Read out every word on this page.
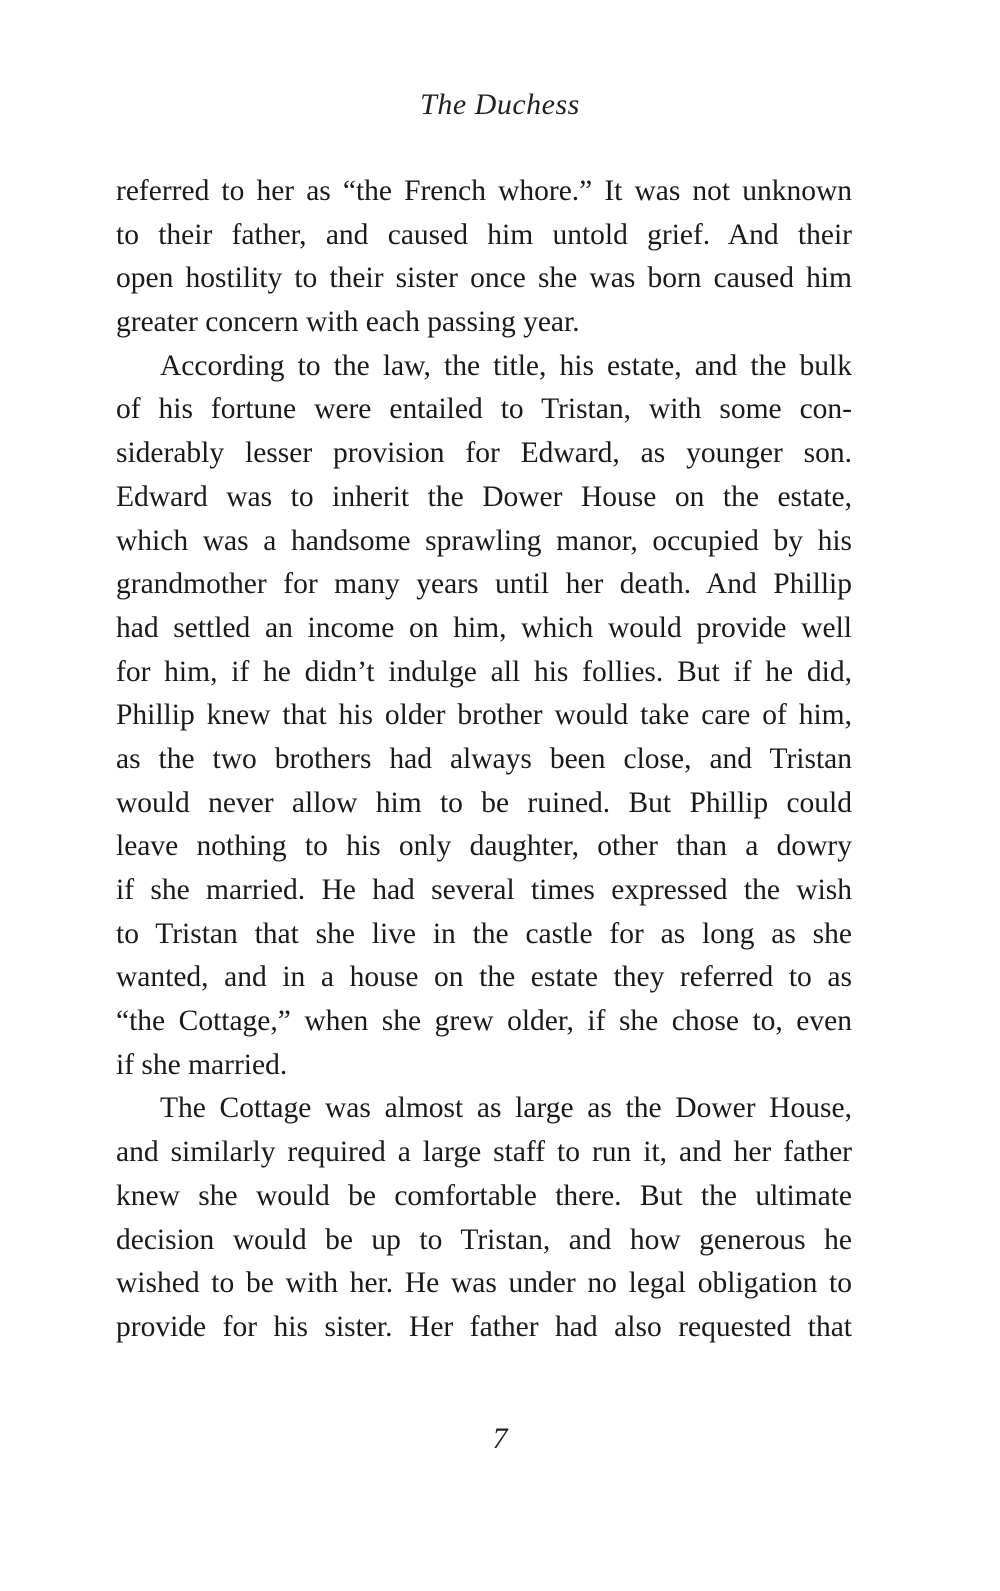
The Duchess
referred to her as “the French whore.” It was not unknown
to their father, and caused him untold grief. And their
open hostility to their sister once she was born caused him
greater concern with each passing year.
According to the law, the title, his estate, and the bulk
of his fortune were entailed to Tristan, with some con-
siderably lesser provision for Edward, as younger son.
Edward was to inherit the Dower House on the estate,
which was a handsome sprawling manor, occupied by his
grandmother for many years until her death. And Phillip
had settled an income on him, which would provide well
for him, if he didn’t indulge all his follies. But if he did,
Phillip knew that his older brother would take care of him,
as the two brothers had always been close, and Tristan
would never allow him to be ruined. But Phillip could
leave nothing to his only daughter, other than a dowry
if she married. He had several times expressed the wish
to Tristan that she live in the castle for as long as she
wanted, and in a house on the estate they referred to as
“the Cottage,” when she grew older, if she chose to, even
if she married.
The Cottage was almost as large as the Dower House,
and similarly required a large staff to run it, and her father
knew she would be comfortable there. But the ultimate
decision would be up to Tristan, and how generous he
wished to be with her. He was under no legal obligation to
provide for his sister. Her father had also requested that
7
